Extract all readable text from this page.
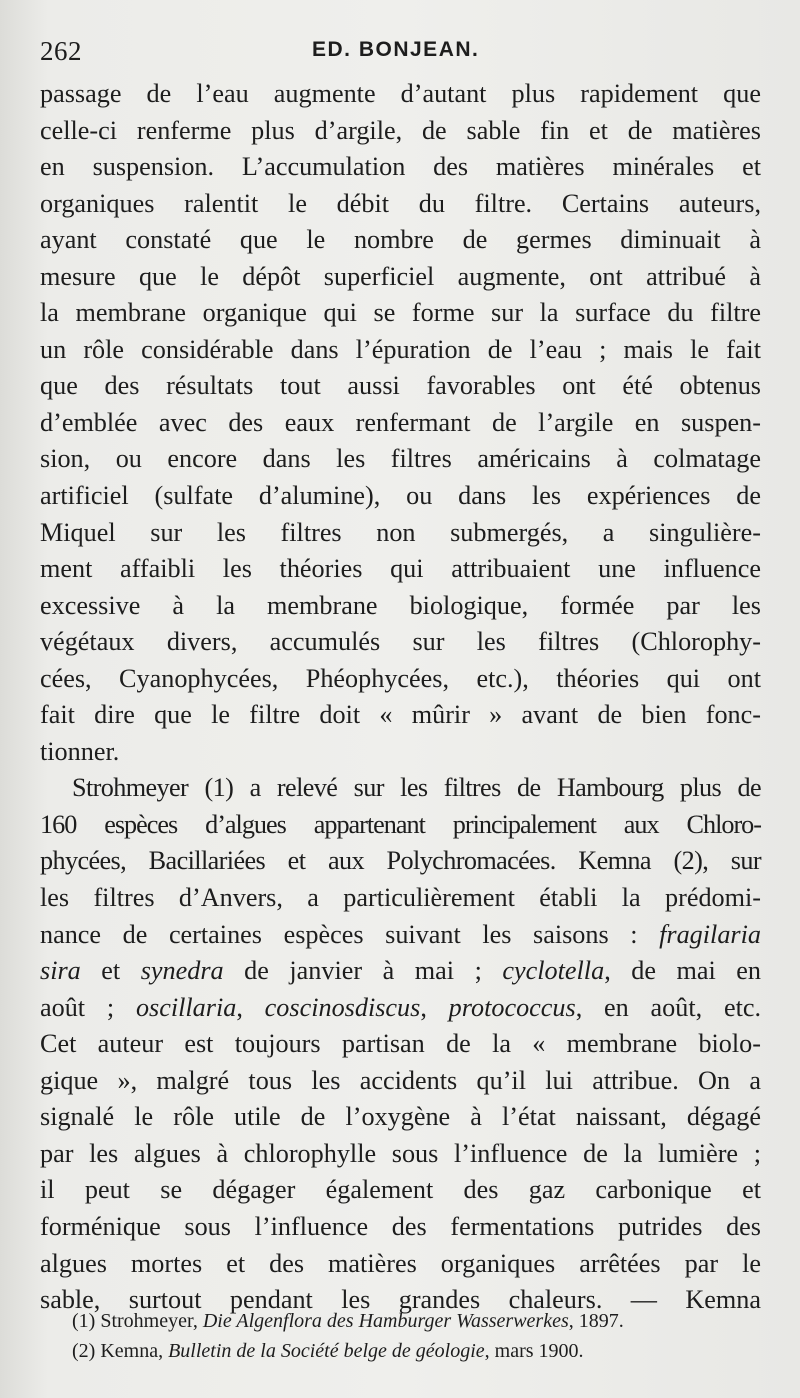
262	ED. BONJEAN.
passage de l’eau augmente d’autant plus rapidement que
celle-ci renferme plus d’argile, de sable fin et de matières
en suspension. L’accumulation des matières minérales et
organiques ralentit le débit du filtre. Certains auteurs,
ayant constaté que le nombre de germes diminuait à
mesure que le dépôt superficiel augmente, ont attribué à
la membrane organique qui se forme sur la surface du filtre
un rôle considérable dans l’épuration de l’eau ; mais le fait
que des résultats tout aussi favorables ont été obtenus
d’emblée avec des eaux renfermant de l’argile en suspen-
sion, ou encore dans les filtres américains à colmatage
artificiel (sulfate d’alumine), ou dans les expériences de
Miquel sur les filtres non submergés, a singulière-
ment affaibli les théories qui attribuaient une influence
excessive à la membrane biologique, formée par les
végétaux divers, accumulés sur les filtres (Chlorophy-
cées, Cyanophycées, Phéophycées, etc.), théories qui ont
fait dire que le filtre doit « mûrir » avant de bien fonc-
tionner.
Strohmeyer (1) a relevé sur les filtres de Hambourg plus de
160 espèces d’algues appartenant principalement aux Chloro-
phycées, Bacillariées et aux Polychromacées. Kemna (2), sur
les filtres d’Anvers, a particulièrement établi la prédomi-
nance de certaines espèces suivant les saisons : fragilaria
sira et synedra de janvier à mai ; cyclotella, de mai en
août ; oscillaria, coscinosdiscus, protococcus, en août, etc.
Cet auteur est toujours partisan de la « membrane biolo-
gique », malgré tous les accidents qu’il lui attribue. On a
signalé le rôle utile de l’oxygène à l’état naissant, dégagé
par les algues à chlorophylle sous l’influence de la lumière ;
il peut se dégager également des gaz carbonique et
forménique sous l’influence des fermentations putrides des
algues mortes et des matières organiques arrêtées par le
sable, surtout pendant les grandes chaleurs. — Kemna
(1) Strohmeyer, Die Algenflora des Hamburger Wasserwerkes, 1897.
(2) Kemna, Bulletin de la Société belge de géologie, mars 1900.
